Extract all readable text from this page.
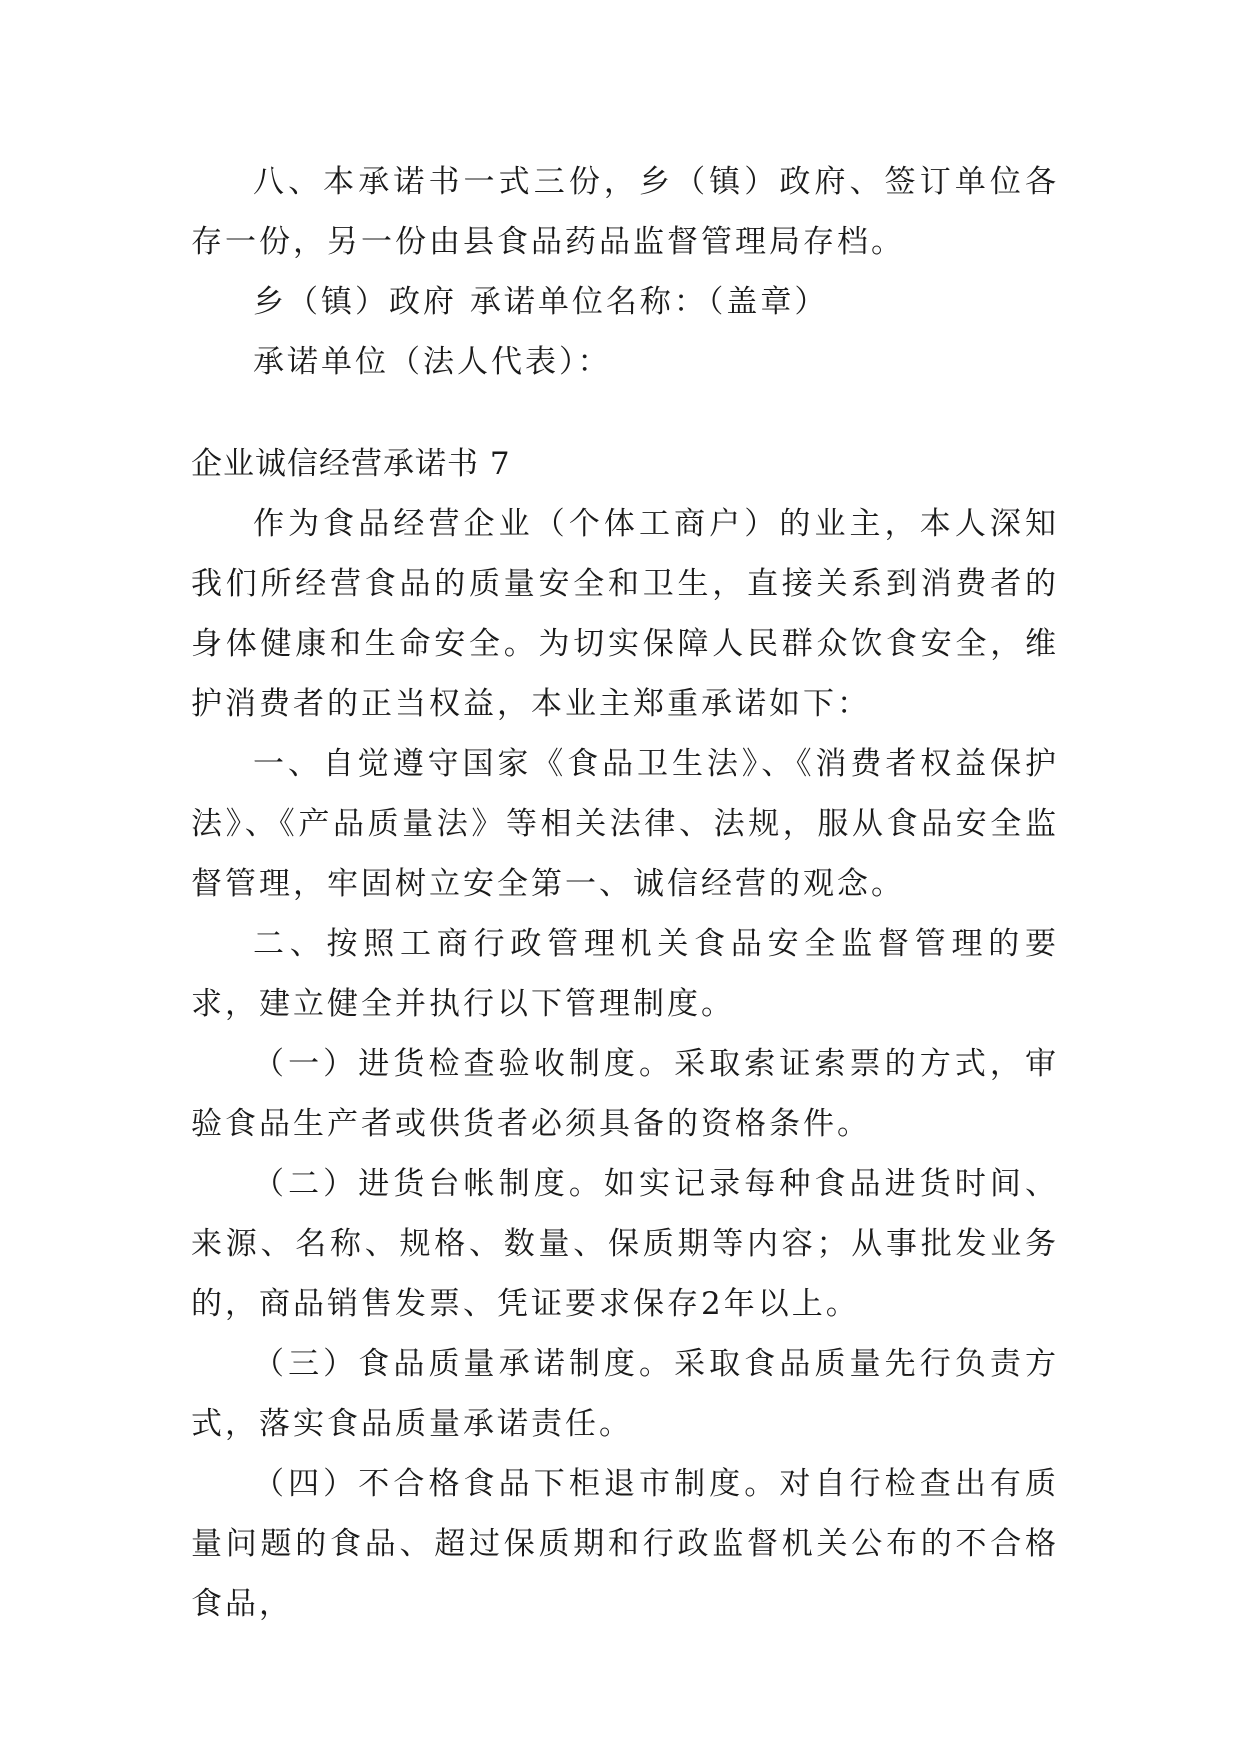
八、本承诺书一式三份，乡（镇）政府、签订单位各存一份，另一份由县食品药品监督管理局存档。

乡（镇）政府 承诺单位名称：（盖章）

承诺单位（法人代表）：

企业诚信经营承诺书 7

作为食品经营企业（个体工商户）的业主，本人深知我们所经营食品的质量安全和卫生，直接关系到消费者的身体健康和生命安全。为切实保障人民群众饮食安全，维护消费者的正当权益，本业主郑重承诺如下：

一、自觉遵守国家《食品卫生法》、《消费者权益保护法》、《产品质量法》等相关法律、法规，服从食品安全监督管理，牢固树立安全第一、诚信经营的观念。

二、按照工商行政管理机关食品安全监督管理的要求，建立健全并执行以下管理制度。

（一）进货检查验收制度。采取索证索票的方式，审验食品生产者或供货者必须具备的资格条件。

（二）进货台帐制度。如实记录每种食品进货时间、来源、名称、规格、数量、保质期等内容；从事批发业务的，商品销售发票、凭证要求保存2年以上。

（三）食品质量承诺制度。采取食品质量先行负责方式，落实食品质量承诺责任。

（四）不合格食品下柜退市制度。对自行检查出有质量问题的食品、超过保质期和行政监督机关公布的不合格食品，
